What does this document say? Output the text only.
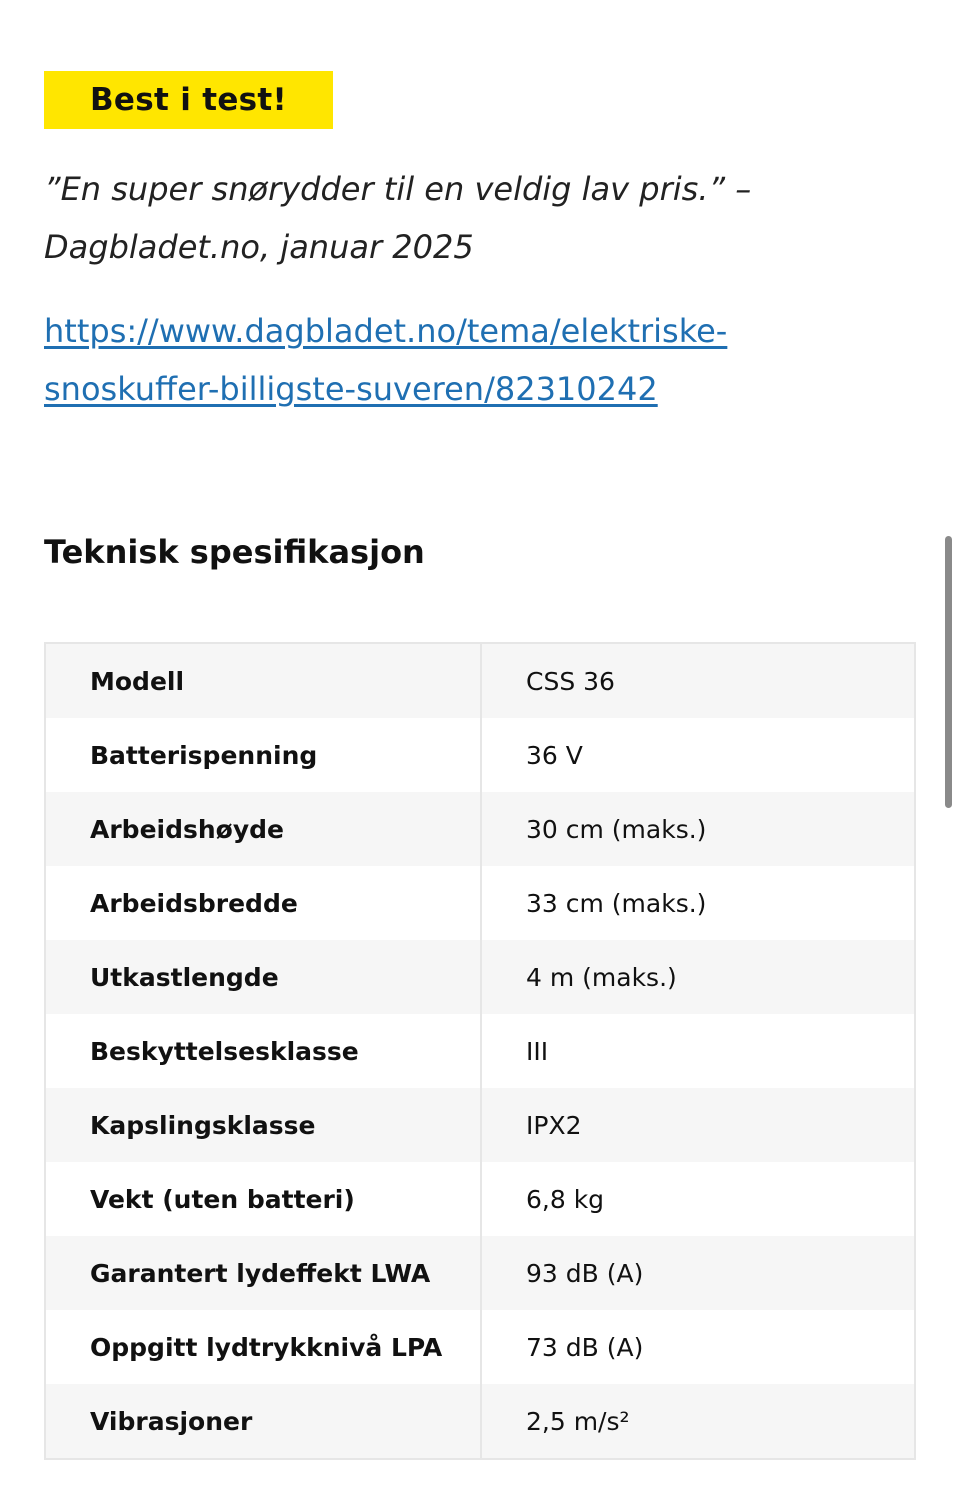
Best i test!

”En super snørydder til en veldig lav pris.” –
Dagbladet.no, januar 2025

https://www.dagbladet.no/tema/elektriske-
snoskuffer-billigste-suveren/82310242

Teknisk spesifikasjon
Modell	CSS 36
Batterispenning	36 V
Arbeidshøyde	30 cm (maks.)
Arbeidsbredde	33 cm (maks.)
Utkastlengde	4 m (maks.)
Beskyttelsesklasse	III
Kapslingsklasse	IPX2
Vekt (uten batteri)	6,8 kg
Garantert lydeffekt LWA	93 dB (A)
Oppgitt lydtrykknivå LPA	73 dB (A)
Vibrasjoner	2,5 m/s²
